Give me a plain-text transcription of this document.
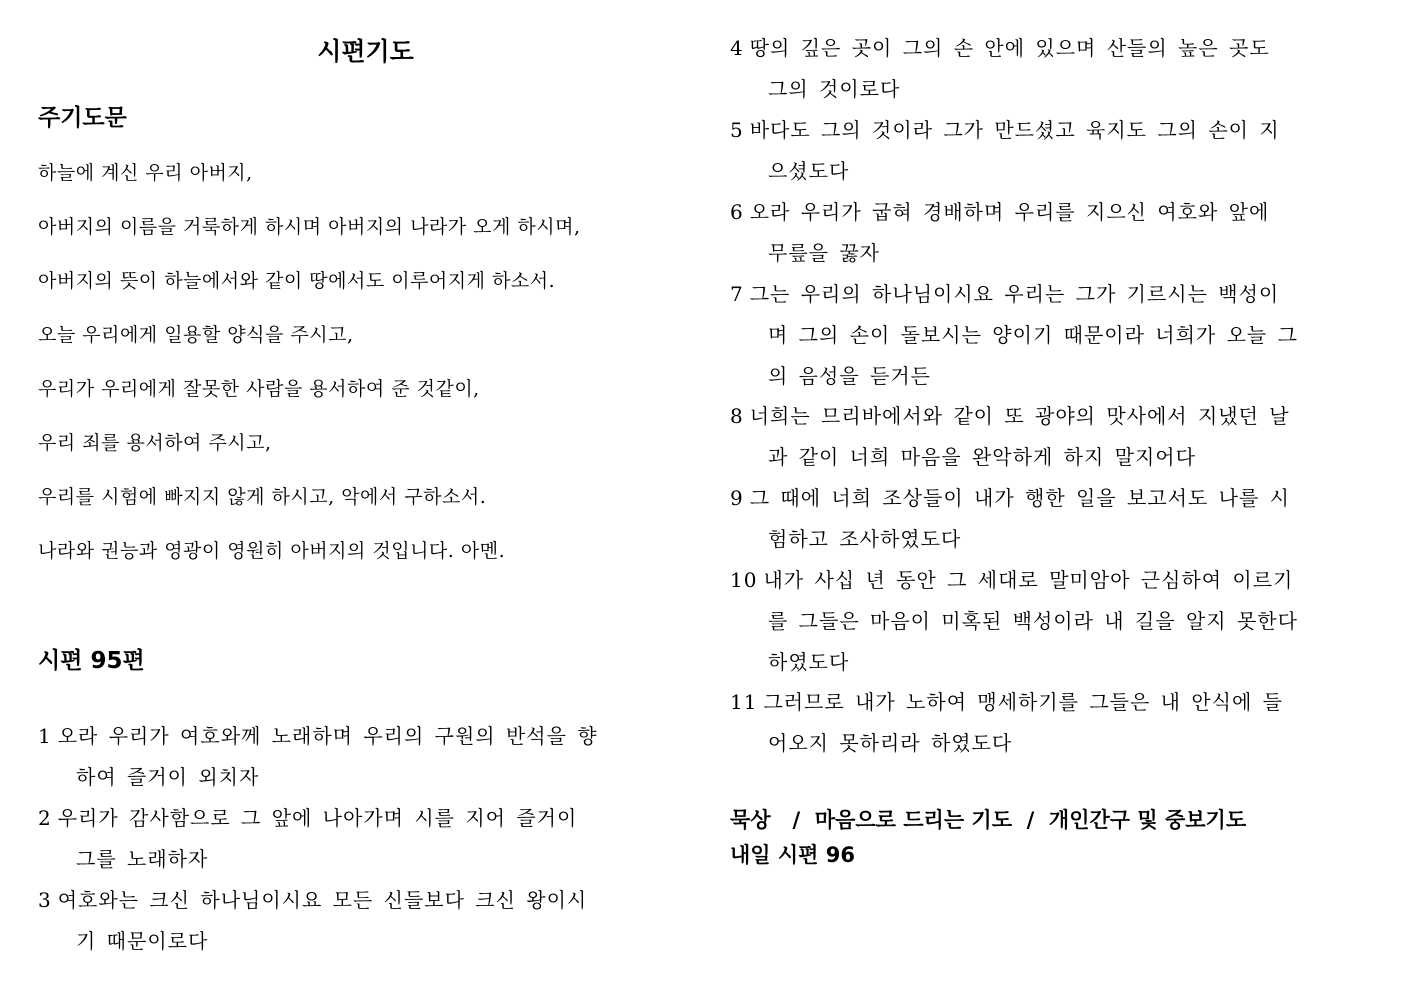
시편기도
주기도문
하늘에 계신 우리 아버지,
아버지의 이름을 거룩하게 하시며 아버지의 나라가 오게 하시며,
아버지의 뜻이 하늘에서와 같이 땅에서도 이루어지게 하소서.
오늘 우리에게 일용할 양식을 주시고,
우리가 우리에게 잘못한 사람을 용서하여 준 것같이,
우리 죄를 용서하여 주시고,
우리를 시험에 빠지지 않게 하시고, 악에서 구하소서.
나라와 권능과 영광이 영원히 아버지의 것입니다. 아멘.
시편 95편
1 오라 우리가 여호와께 노래하며 우리의 구원의 반석을 향
하여 즐거이 외치자
2 우리가 감사함으로 그 앞에 나아가며 시를 지어 즐거이
그를 노래하자
3 여호와는 크신 하나님이시요 모든 신들보다 크신 왕이시
기 때문이로다
4 땅의 깊은 곳이 그의 손 안에 있으며 산들의 높은 곳도
그의 것이로다
5 바다도 그의 것이라 그가 만드셨고 육지도 그의 손이 지
으셨도다
6 오라 우리가 굽혀 경배하며 우리를 지으신 여호와 앞에
무릎을 꿇자
7 그는 우리의 하나님이시요 우리는 그가 기르시는 백성이
며 그의 손이 돌보시는 양이기 때문이라 너희가 오늘 그
의 음성을 듣거든
8 너희는 므리바에서와 같이 또 광야의 맛사에서 지냈던 날
과 같이 너희 마음을 완악하게 하지 말지어다
9 그 때에 너희 조상들이 내가 행한 일을 보고서도 나를 시
험하고 조사하였도다
10 내가 사십 년 동안 그 세대로 말미암아 근심하여 이르기
를 그들은 마음이 미혹된 백성이라 내 길을 알지 못한다
하였도다
11 그러므로 내가 노하여 맹세하기를 그들은 내 안식에 들
어오지 못하리라 하였도다
묵상   /  마음으로 드리는 기도  /  개인간구 및 중보기도
내일 시편 96
